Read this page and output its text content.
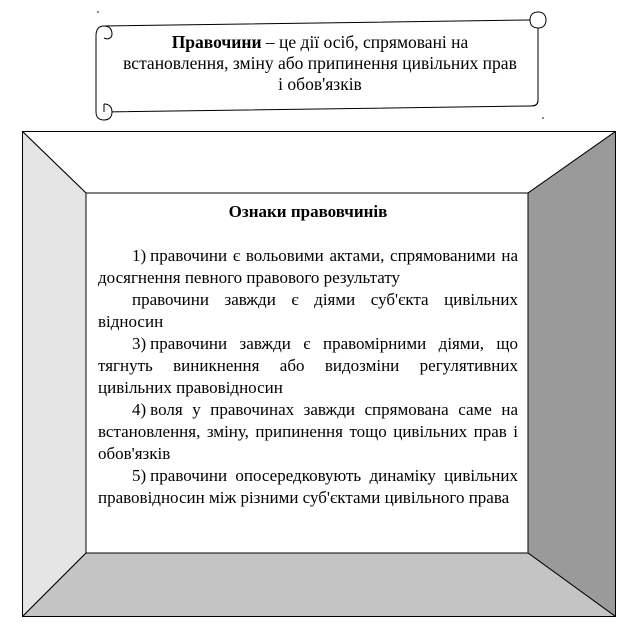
Правочини – це дії осіб, спрямовані на встановлення, зміну або припинення цивільних прав і обов'язків
Ознаки правовчинів

1) правочини є вольовими актами, спрямованими на досягнення певного правового результату

правочини завжди є діями суб'єкта цивільних відносин

3) правочини завжди є правомірними діями, що тягнуть виникнення або видозміни регулятивних цивільних правовідносин

4) воля у правочинах завжди спрямована саме на встановлення, зміну, припинення тощо цивільних прав і обов'язків

5) правочини опосередковують динаміку цивільних правовідносин між різними суб'єктами цивільного права
